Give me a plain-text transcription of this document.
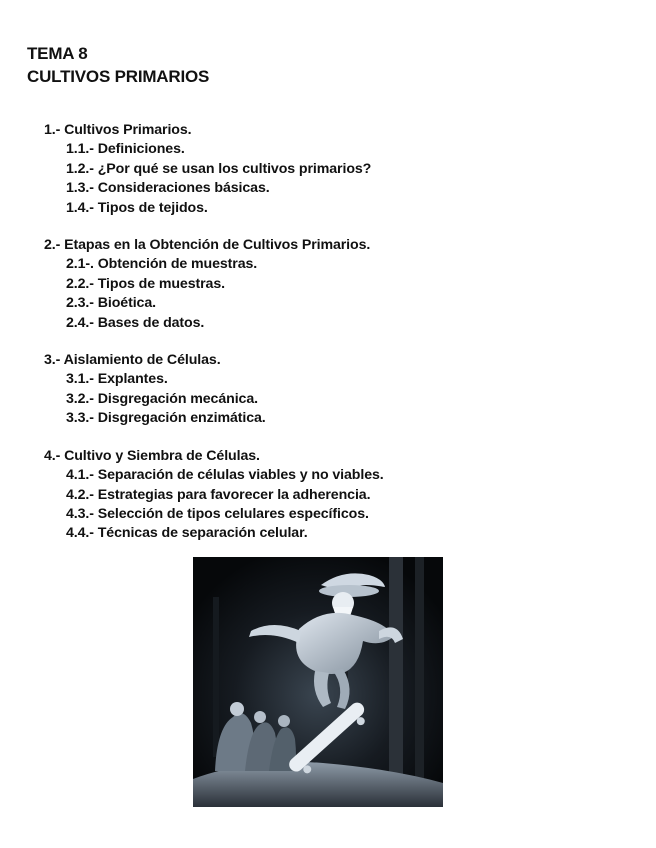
TEMA 8
CULTIVOS PRIMARIOS
1.- Cultivos Primarios.
1.1.- Definiciones.
1.2.- ¿Por qué se usan los cultivos primarios?
1.3.- Consideraciones básicas.
1.4.- Tipos de tejidos.
2.- Etapas en la Obtención de Cultivos Primarios.
2.1-. Obtención de muestras.
2.2.- Tipos de muestras.
2.3.- Bioética.
2.4.- Bases de datos.
3.- Aislamiento de Células.
3.1.- Explantes.
3.2.- Disgregación mecánica.
3.3.- Disgregación enzimática.
4.- Cultivo y Siembra de Células.
4.1.- Separación de células viables y no viables.
4.2.- Estrategias para favorecer la adherencia.
4.3.- Selección de tipos celulares específicos.
4.4.- Técnicas de separación celular.
